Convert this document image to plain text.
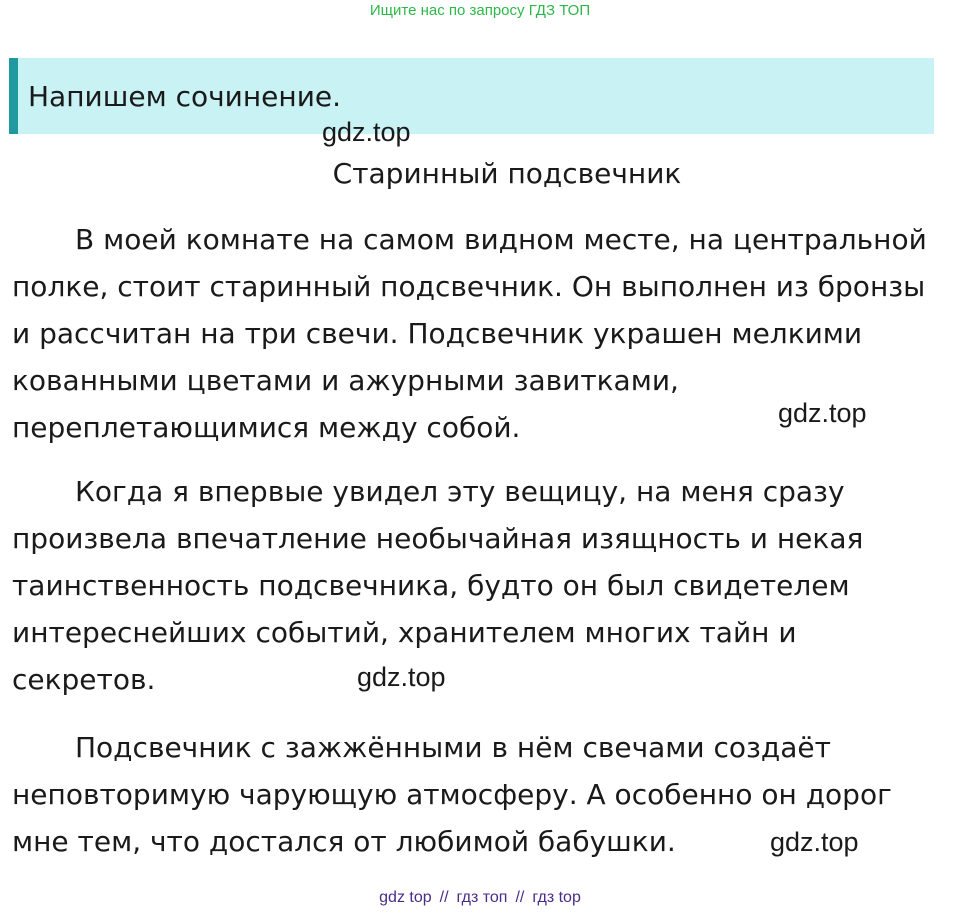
Ищите нас по запросу ГДЗ ТОП
Напишем сочинение.
gdz.top
Старинный подсвечник

В моей комнате на самом видном месте, на центральной полке, стоит старинный подсвечник. Он выполнен из бронзы и рассчитан на три свечи. Подсвечник украшен мелкими кованными цветами и ажурными завитками, переплетающимися между собой.	gdz.top

Когда я впервые увидел эту вещицу, на меня сразу произвела впечатление необычайная изящность и некая таинственность подсвечника, будто он был свидетелем интереснейших событий, хранителем многих тайн и секретов.	gdz.top

Подсвечник с зажжёнными в нём свечами создаёт неповторимую чарующую атмосферу. А особенно он дорог мне тем, что достался от любимой бабушки.	gdz.top
gdz top // гдз топ // гдз top
